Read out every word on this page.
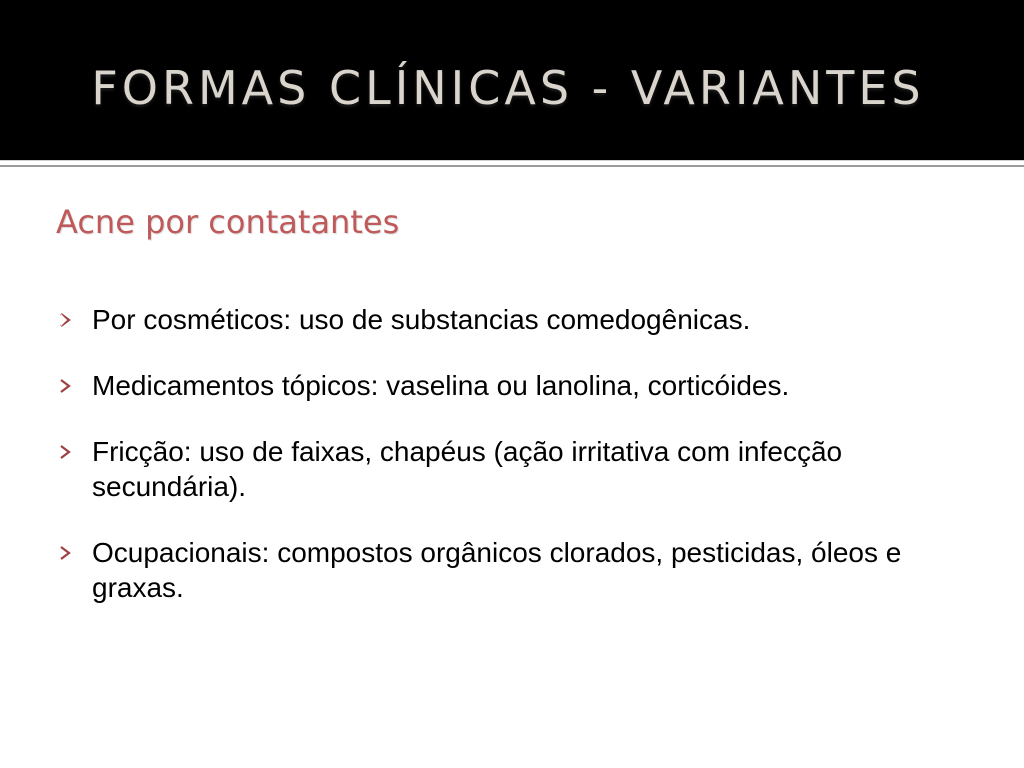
FORMAS CLÍNICAS - VARIANTES
Acne por contatantes
Por cosméticos: uso de substancias comedogênicas.
Medicamentos tópicos: vaselina ou lanolina, corticóides.
Fricção: uso de faixas, chapéus (ação irritativa com infecção secundária).
Ocupacionais: compostos orgânicos clorados, pesticidas, óleos e graxas.
